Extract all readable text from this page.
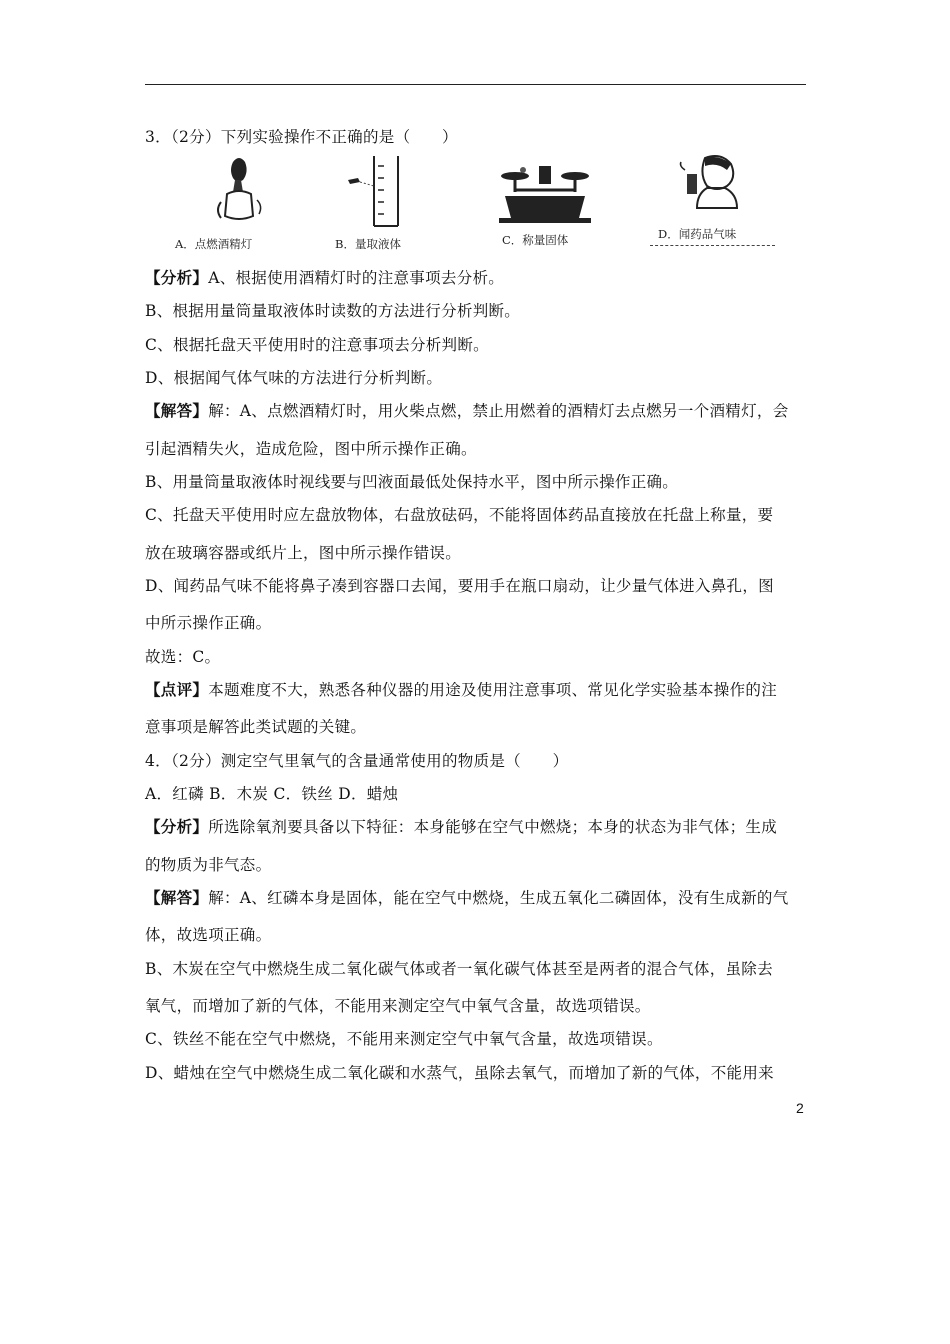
3．（2分）下列实验操作不正确的是（　　）
A．点燃酒精灯	B．量取液体	C．称量固体	D．闻药品气味
【分析】A、根据使用酒精灯时的注意事项去分析。
B、根据用量筒量取液体时读数的方法进行分析判断。
C、根据托盘天平使用时的注意事项去分析判断。
D、根据闻气体气味的方法进行分析判断。
【解答】解：A、点燃酒精灯时，用火柴点燃，禁止用燃着的酒精灯去点燃另一个酒精灯，会
引起酒精失火，造成危险，图中所示操作正确。
B、用量筒量取液体时视线要与凹液面最低处保持水平，图中所示操作正确。
C、托盘天平使用时应左盘放物体，右盘放砝码，不能将固体药品直接放在托盘上称量，要
放在玻璃容器或纸片上，图中所示操作错误。
D、闻药品气味不能将鼻子凑到容器口去闻，要用手在瓶口扇动，让少量气体进入鼻孔，图
中所示操作正确。
故选：C。
【点评】本题难度不大，熟悉各种仪器的用途及使用注意事项、常见化学实验基本操作的注
意事项是解答此类试题的关键。
4．（2分）测定空气里氧气的含量通常使用的物质是（　　）
A．红磷 B．木炭 C．铁丝 D．蜡烛
【分析】所选除氧剂要具备以下特征：本身能够在空气中燃烧；本身的状态为非气体；生成
的物质为非气态。
【解答】解：A、红磷本身是固体，能在空气中燃烧，生成五氧化二磷固体，没有生成新的气
体，故选项正确。
B、木炭在空气中燃烧生成二氧化碳气体或者一氧化碳气体甚至是两者的混合气体，虽除去
氧气，而增加了新的气体，不能用来测定空气中氧气含量，故选项错误。
C、铁丝不能在空气中燃烧，不能用来测定空气中氧气含量，故选项错误。
D、蜡烛在空气中燃烧生成二氧化碳和水蒸气，虽除去氧气，而增加了新的气体，不能用来
2
